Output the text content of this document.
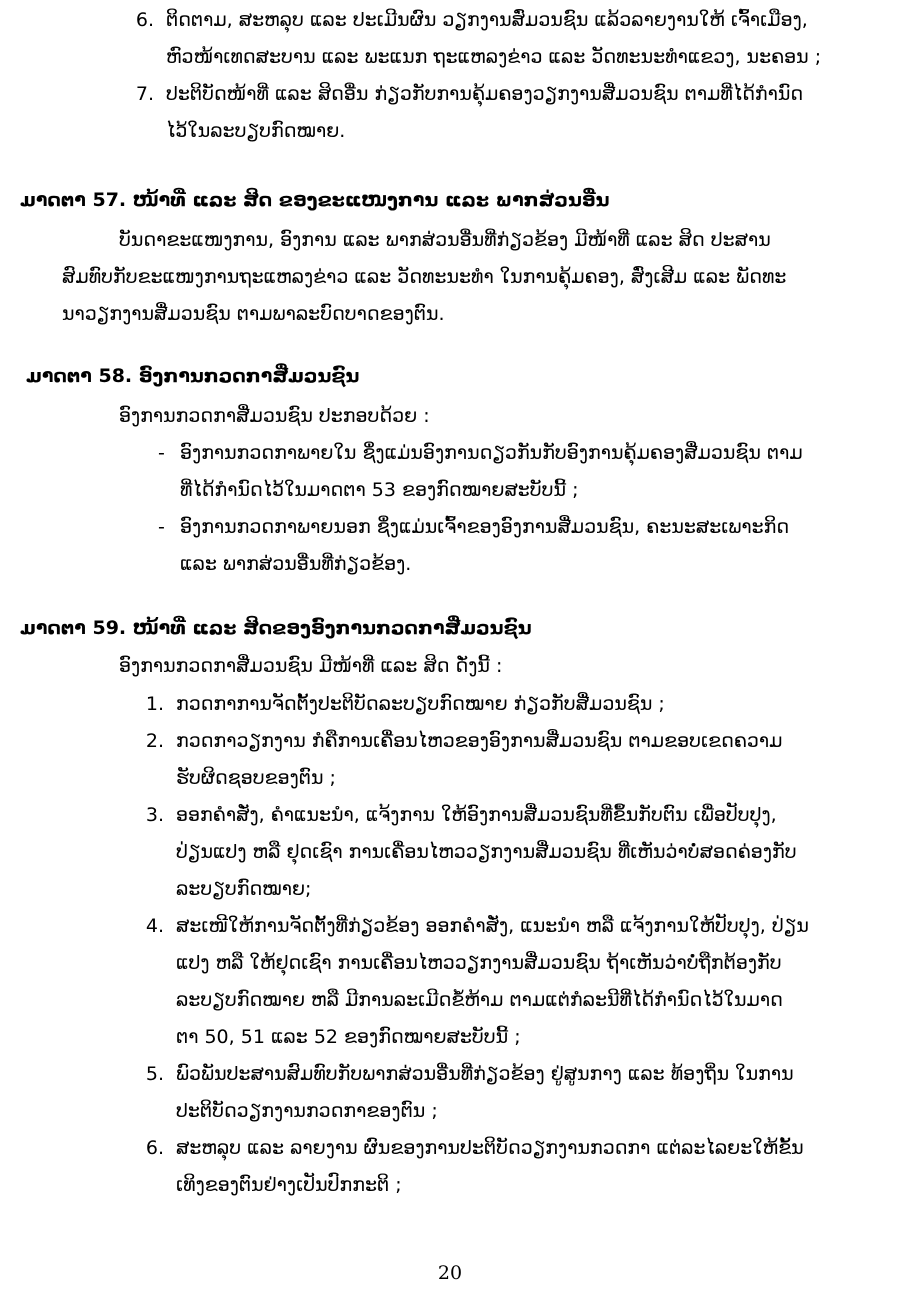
6. ຕິດຕາມ, ສະຫລຸບ ແລະ ປະເມີນຜົນ ວຽກງານສົ່ມວນຊົນ ແລ້ວລາຍງານໃຫ້ ເຈົ້າເມືອງ,
ຫົວໜ້າເທດສະບານ ແລະ ພະແນກ ຖະແຫລງຂ່າວ ແລະ ວັດທະນະທຳແຂວງ, ນະຄອນ ;
7. ປະຕິບັດໜ້າທີ່ ແລະ ສິດອື່ນ ກ່ຽວກັບການຄຸ້ມຄອງວຽກງານສື່ມວນຊົນ ຕາມທີ່ໄດ້ກຳນົດ
ໄວ້ໃນລະບຽບກົດໝາຍ.
ມາດຕາ 57. ໜ້າທີ່ ແລະ ສິດ ຂອງຂະແໜງການ ແລະ ພາກສ່ວນອື່ນ
ບັນດາຂະແໜງການ, ອົງການ ແລະ ພາກສ່ວນອື່ນທີ່ກ່ຽວຂ້ອງ ມີໜ້າທີ່ ແລະ ສິດ ປະສານ
ສົມທົບກັບຂະແໜງການຖະແຫລງຂ່າວ ແລະ ວັດທະນະທຳ ໃນການຄຸ້ມຄອງ, ສົ່ງເສີມ ແລະ ພັດທະ
ນາວຽກງານສື່ມວນຊົນ ຕາມພາລະບົດບາດຂອງຕົນ.
ມາດຕາ 58. ອົງການກວດກາສື່ມວນຊົນ
ອົງການກວດກາສື່ມວນຊົນ ປະກອບດ້ວຍ :
- ອົງການກວດກາພາຍໃນ ຊຶ່ງແມ່ນອົງການດຽວກັນກັບອົງການຄຸ້ມຄອງສື່ມວນຊົນ ຕາມ
ທີ່ໄດ້ກຳນົດໄວ້ໃນມາດຕາ 53 ຂອງກົດໝາຍສະບັບນີ້ ;
- ອົງການກວດກາພາຍນອກ ຊຶ່ງແມ່ນເຈົ້າຂອງອົງການສື່ມວນຊົນ, ຄະນະສະເພາະກິດ
ແລະ ພາກສ່ວນອື່ນທີ່ກ່ຽວຂ້ອງ.
ມາດຕາ 59. ໜ້າທີ່ ແລະ ສິດຂອງອົງການກວດກາສື່ມວນຊົນ
ອົງການກວດກາສື່ມວນຊົນ ມີໜ້າທີ່ ແລະ ສິດ ດັ່ງນີ້ :
1. ກວດກາການຈັດຕັ້ງປະຕິບັດລະບຽບກົດໝາຍ ກ່ຽວກັບສື່ມວນຊົນ ;
2. ກວດກາວຽກງານ ກໍຄືການເຄື່ອນໄຫວຂອງອົງການສື່ມວນຊົນ ຕາມຂອບເຂດຄວາມ
ຮັບຜິດຊອບຂອງຕົນ ;
3. ອອກຄຳສັ່ງ, ຄຳແນະນຳ, ແຈ້ງການ ໃຫ້ອົງການສື່ມວນຊົນທີ່ຂຶ້ນກັບຕົນ ເພື່ອປັບປຸງ,
ປ່ຽນແປງ ຫລື ຢຸດເຊົາ ການເຄື່ອນໄຫວວຽກງານສື່ມວນຊົນ ທີ່ເຫັນວ່າບໍ່ສອດຄ່ອງກັບ
ລະບຽບກົດໝາຍ;
4. ສະເໜີໃຫ້ການຈັດຕັ້ງທີ່ກ່ຽວຂ້ອງ ອອກຄຳສັ່ງ, ແນະນຳ ຫລື ແຈ້ງການໃຫ້ປັບປຸງ, ປ່ຽນ
ແປງ ຫລື ໃຫ້ຢຸດເຊົາ ການເຄື່ອນໄຫວວຽກງານສື່ມວນຊົນ ຖ້າເຫັນວ່າບໍ່ຖືກຕ້ອງກັບ
ລະບຽບກົດໝາຍ ຫລື ມີການລະເມີດຂໍ້ຫ້າມ ຕາມແຕ່ກໍລະນີທີ່ໄດ້ກຳນົດໄວ້ໃນມາດ
ຕາ 50, 51 ແລະ 52 ຂອງກົດໝາຍສະບັບນີ້ ;
5. ພົວພັນປະສານສົມທົບກັບພາກສ່ວນອື່ນທີ່ກ່ຽວຂ້ອງ ຢູ່ສູນກາງ ແລະ ທ້ອງຖິ່ນ ໃນການ
ປະຕິບັດວຽກງານກວດກາຂອງຕົນ ;
6. ສະຫລຸບ ແລະ ລາຍງານ ຜົນຂອງການປະຕິບັດວຽກງານກວດກາ ແຕ່ລະໄລຍະໃຫ້ຂັ້ນ
ເທິງຂອງຕົນຢ່າງເປັນປົກກະຕິ ;
20
